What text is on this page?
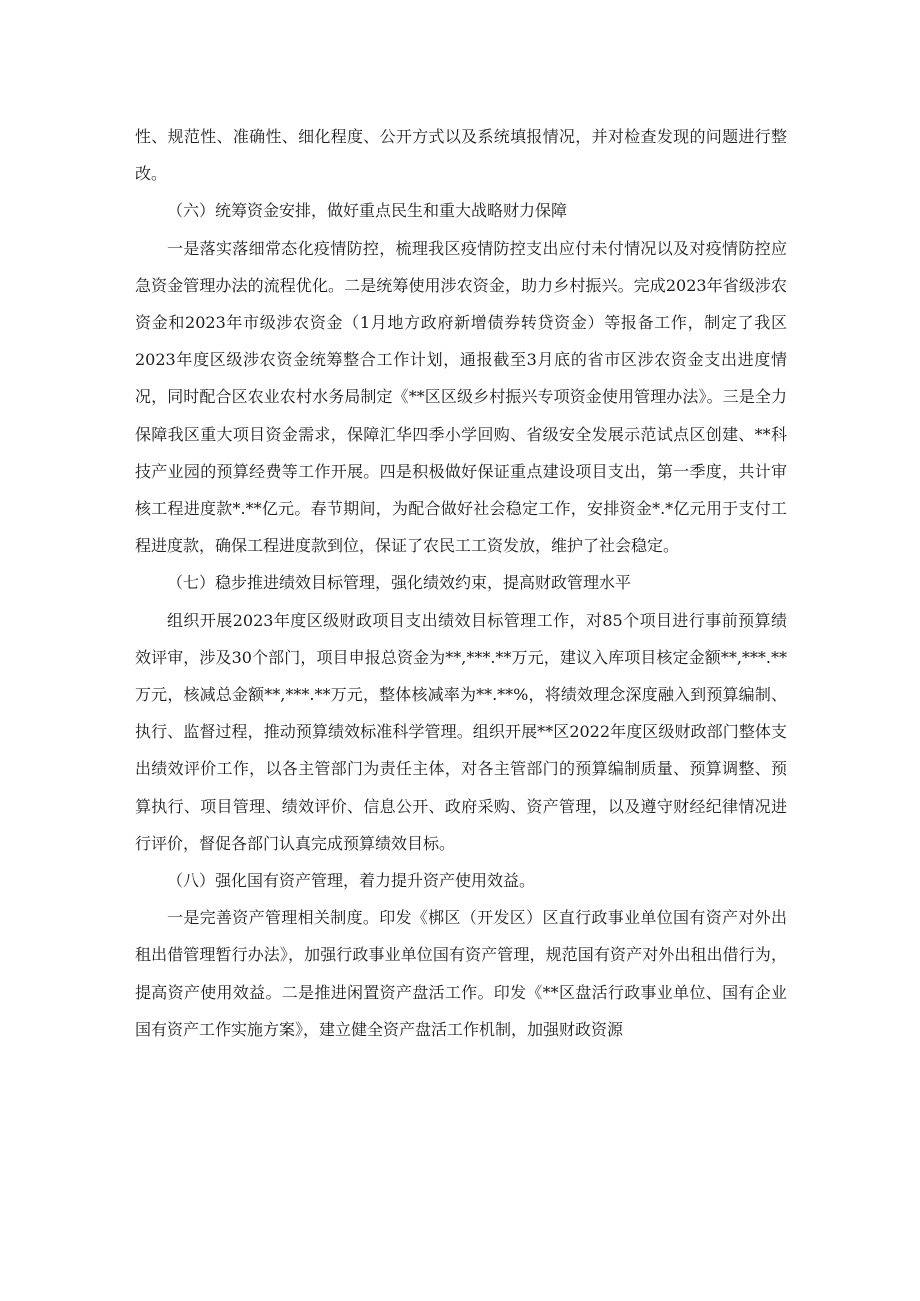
性、规范性、准确性、细化程度、公开方式以及系统填报情况，并对检查发现的问题进行整改。

（六）统筹资金安排，做好重点民生和重大战略财力保障

一是落实落细常态化疫情防控，梳理我区疫情防控支出应付未付情况以及对疫情防控应急资金管理办法的流程优化。二是统筹使用涉农资金，助力乡村振兴。完成2023年省级涉农资金和2023年市级涉农资金（1月地方政府新增债券转贷资金）等报备工作，制定了我区2023年度区级涉农资金统筹整合工作计划，通报截至3月底的省市区涉农资金支出进度情况，同时配合区农业农村水务局制定《**区区级乡村振兴专项资金使用管理办法》。三是全力保障我区重大项目资金需求，保障汇华四季小学回购、省级安全发展示范试点区创建、**科技产业园的预算经费等工作开展。四是积极做好保证重点建设项目支出，第一季度，共计审核工程进度款*.**亿元。春节期间，为配合做好社会稳定工作，安排资金*.*亿元用于支付工程进度款，确保工程进度款到位，保证了农民工工资发放，维护了社会稳定。

（七）稳步推进绩效目标管理，强化绩效约束，提高财政管理水平

组织开展2023年度区级财政项目支出绩效目标管理工作，对85个项目进行事前预算绩效评审，涉及30个部门，项目申报总资金为**,***.**万元，建议入库项目核定金额**,***.**万元，核减总金额**,***.**万元，整体核减率为**.**%，将绩效理念深度融入到预算编制、执行、监督过程，推动预算绩效标准科学管理。组织开展**区2022年度区级财政部门整体支出绩效评价工作，以各主管部门为责任主体，对各主管部门的预算编制质量、预算调整、预算执行、项目管理、绩效评价、信息公开、政府采购、资产管理，以及遵守财经纪律情况进行评价，督促各部门认真完成预算绩效目标。

（八）强化国有资产管理，着力提升资产使用效益。

一是完善资产管理相关制度。印发《梆区（开发区）区直行政事业单位国有资产对外出租出借管理暂行办法》，加强行政事业单位国有资产管理，规范国有资产对外出租出借行为，提高资产使用效益。二是推进闲置资产盘活工作。印发《**区盘活行政事业单位、国有企业国有资产工作实施方案》，建立健全资产盘活工作机制，加强财政资源
